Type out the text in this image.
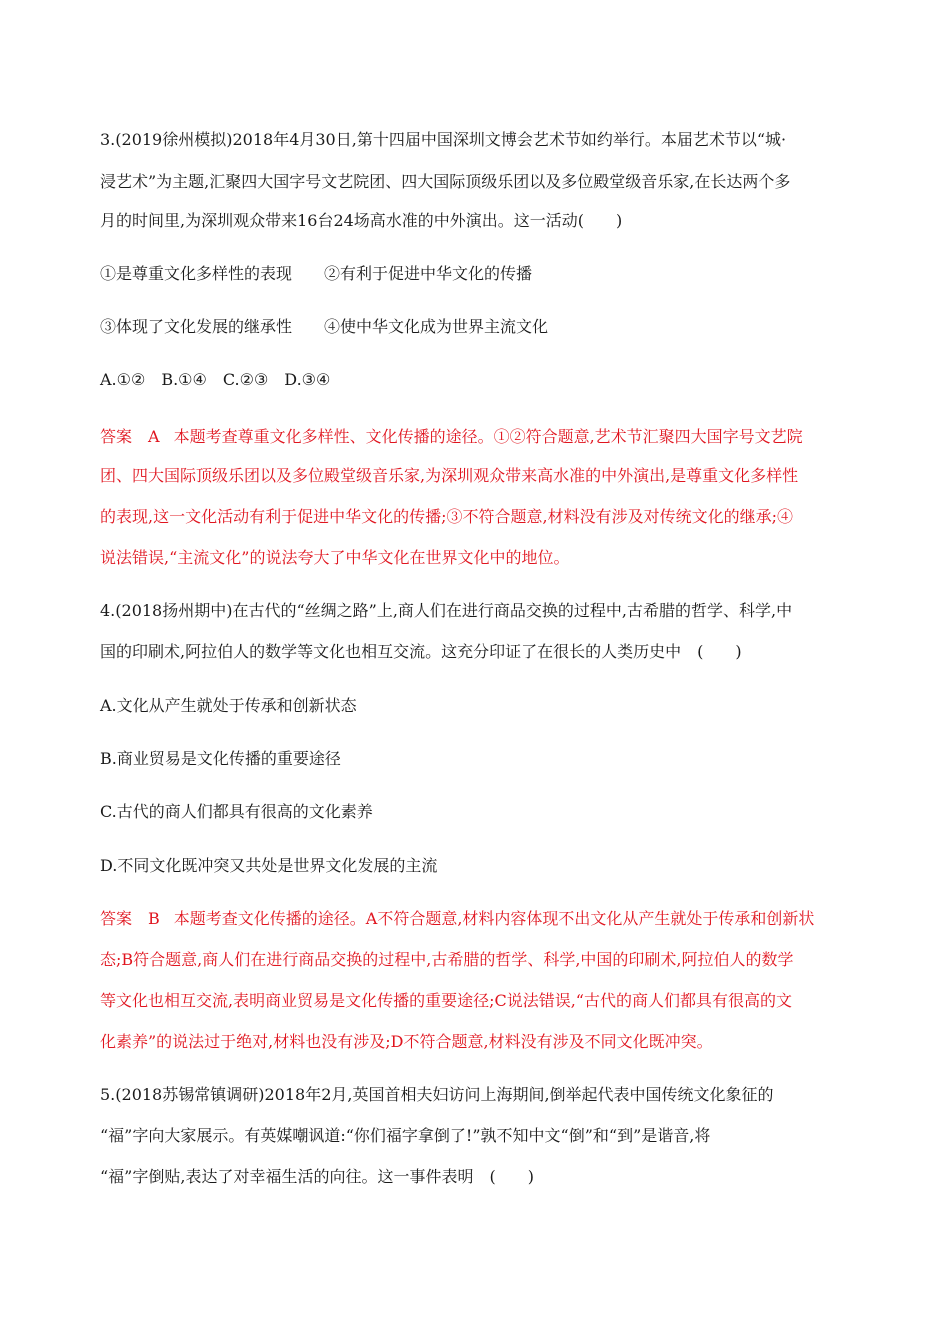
3.(2019徐州模拟)2018年4月30日,第十四届中国深圳文博会艺术节如约举行。本届艺术节以“城·
浸艺术”为主题,汇聚四大国字号文艺院团、四大国际顶级乐团以及多位殿堂级音乐家,在长达两个多
月的时间里,为深圳观众带来16台24场高水准的中外演出。这一活动(　　)
①是尊重文化多样性的表现　　②有利于促进中华文化的传播
③体现了文化发展的继承性　　④使中华文化成为世界主流文化
A.①②　B.①④　C.②③　D.③④
答案　A 本题考查尊重文化多样性、文化传播的途径。①②符合题意,艺术节汇聚四大国字号文艺院
团、四大国际顶级乐团以及多位殿堂级音乐家,为深圳观众带来高水准的中外演出,是尊重文化多样性
的表现,这一文化活动有利于促进中华文化的传播;③不符合题意,材料没有涉及对传统文化的继承;④
说法错误,“主流文化”的说法夸大了中华文化在世界文化中的地位。
4.(2018扬州期中)在古代的“丝绸之路”上,商人们在进行商品交换的过程中,古希腊的哲学、科学,中
国的印刷术,阿拉伯人的数学等文化也相互交流。这充分印证了在很长的人类历史中　(　　)
A.文化从产生就处于传承和创新状态
B.商业贸易是文化传播的重要途径
C.古代的商人们都具有很高的文化素养
D.不同文化既冲突又共处是世界文化发展的主流
答案　B 本题考查文化传播的途径。A不符合题意,材料内容体现不出文化从产生就处于传承和创新状
态;B符合题意,商人们在进行商品交换的过程中,古希腊的哲学、科学,中国的印刷术,阿拉伯人的数学
等文化也相互交流,表明商业贸易是文化传播的重要途径;C说法错误,“古代的商人们都具有很高的文
化素养”的说法过于绝对,材料也没有涉及;D不符合题意,材料没有涉及不同文化既冲突。
5.(2018苏锡常镇调研)2018年2月,英国首相夫妇访问上海期间,倒举起代表中国传统文化象征的
“福”字向大家展示。有英媒嘲讽道:“你们福字拿倒了!”孰不知中文“倒”和“到”是谐音,将
“福”字倒贴,表达了对幸福生活的向往。这一事件表明　(　　)
